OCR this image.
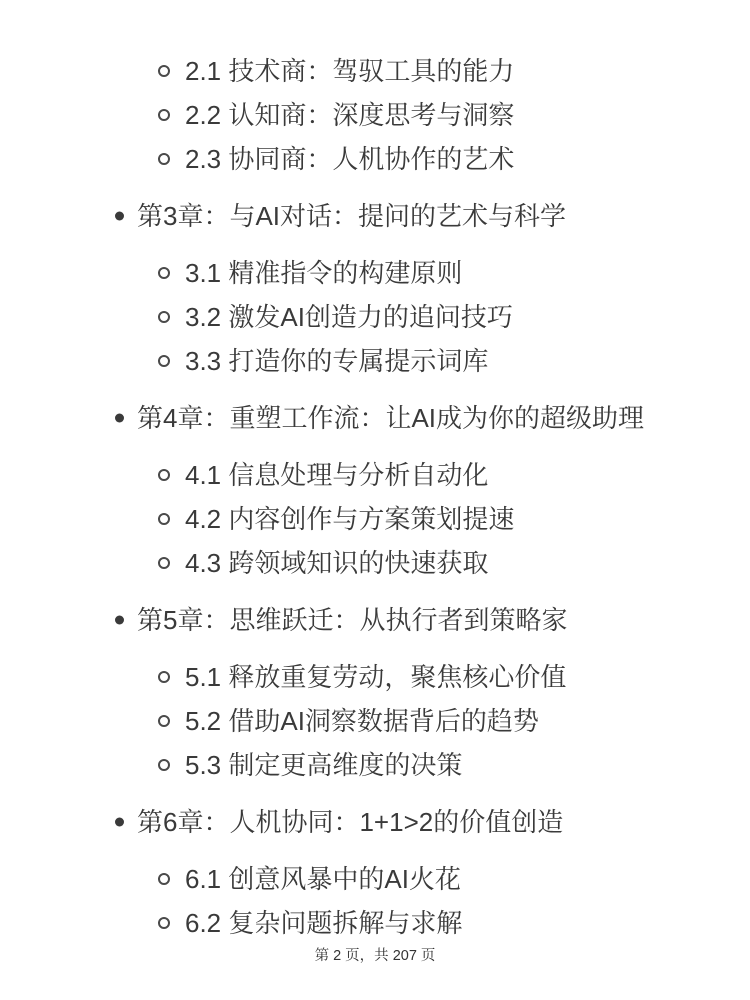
2.1 技术商：驾驭工具的能力
2.2 认知商：深度思考与洞察
2.3 协同商：人机协作的艺术
第3章：与AI对话：提问的艺术与科学
3.1 精准指令的构建原则
3.2 激发AI创造力的追问技巧
3.3 打造你的专属提示词库
第4章：重塑工作流：让AI成为你的超级助理
4.1 信息处理与分析自动化
4.2 内容创作与方案策划提速
4.3 跨领域知识的快速获取
第5章：思维跃迁：从执行者到策略家
5.1 释放重复劳动，聚焦核心价值
5.2 借助AI洞察数据背后的趋势
5.3 制定更高维度的决策
第6章：人机协同：1+1>2的价值创造
6.1 创意风暴中的AI火花
6.2 复杂问题拆解与求解
第 2 页，共 207 页
